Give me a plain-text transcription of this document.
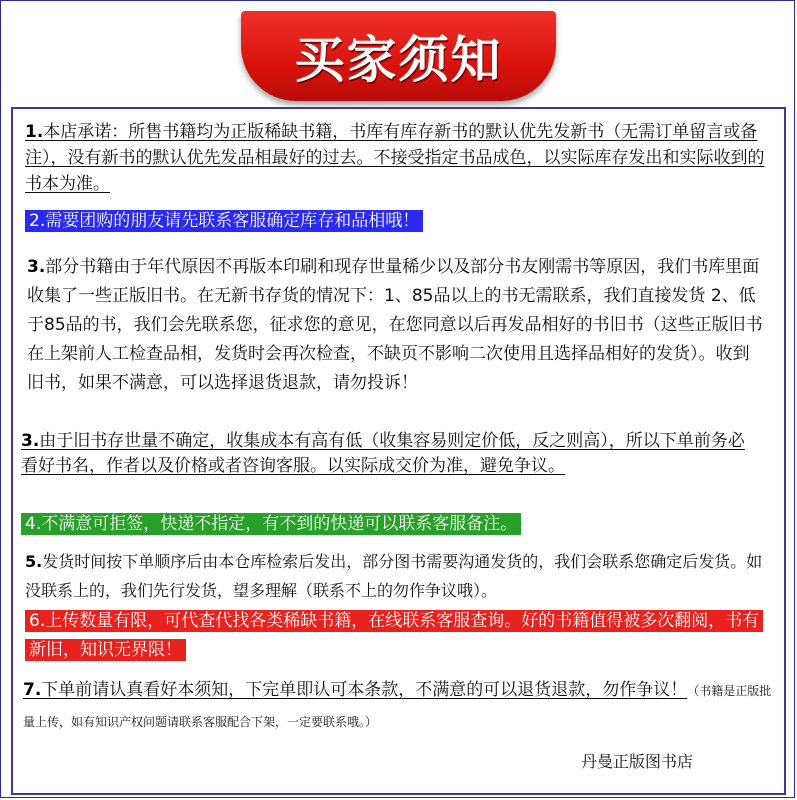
买家须知

1.本店承诺：所售书籍均为正版稀缺书籍，书库有库存新书的默认优先发新书（无需订单留言或备注），没有新书的默认优先发品相最好的过去。不接受指定书品成色，以实际库存发出和实际收到的书本为准。

2.需要团购的朋友请先联系客服确定库存和品相哦！

3.部分书籍由于年代原因不再版本印刷和现存世量稀少以及部分书友刚需书等原因，我们书库里面收集了一些正版旧书。在无新书存货的情况下：1、85品以上的书无需联系，我们直接发货 2、低于85品的书，我们会先联系您，征求您的意见，在您同意以后再发品相好的书旧书（这些正版旧书在上架前人工检查品相，发货时会再次检查，不缺页不影响二次使用且选择品相好的发货）。收到旧书，如果不满意，可以选择退货退款，请勿投诉！

3.由于旧书存世量不确定，收集成本有高有低（收集容易则定价低，反之则高），所以下单前务必看好书名，作者以及价格或者咨询客服。以实际成交价为准，避免争议。

4.不满意可拒签，快递不指定，有不到的快递可以联系客服备注。

5.发货时间按下单顺序后由本仓库检索后发出，部分图书需要沟通发货的，我们会联系您确定后发货。如没联系上的，我们先行发货，望多理解（联系不上的勿作争议哦）。

6.上传数量有限，可代查代找各类稀缺书籍，在线联系客服查询。好的书籍值得被多次翻阅，书有新旧，知识无界限！

7.下单前请认真看好本须知，下完单即认可本条款，不满意的可以退货退款，勿作争议！（书籍是正版批量上传，如有知识产权问题请联系客服配合下架，一定要联系哦。）

丹曼正版图书店
